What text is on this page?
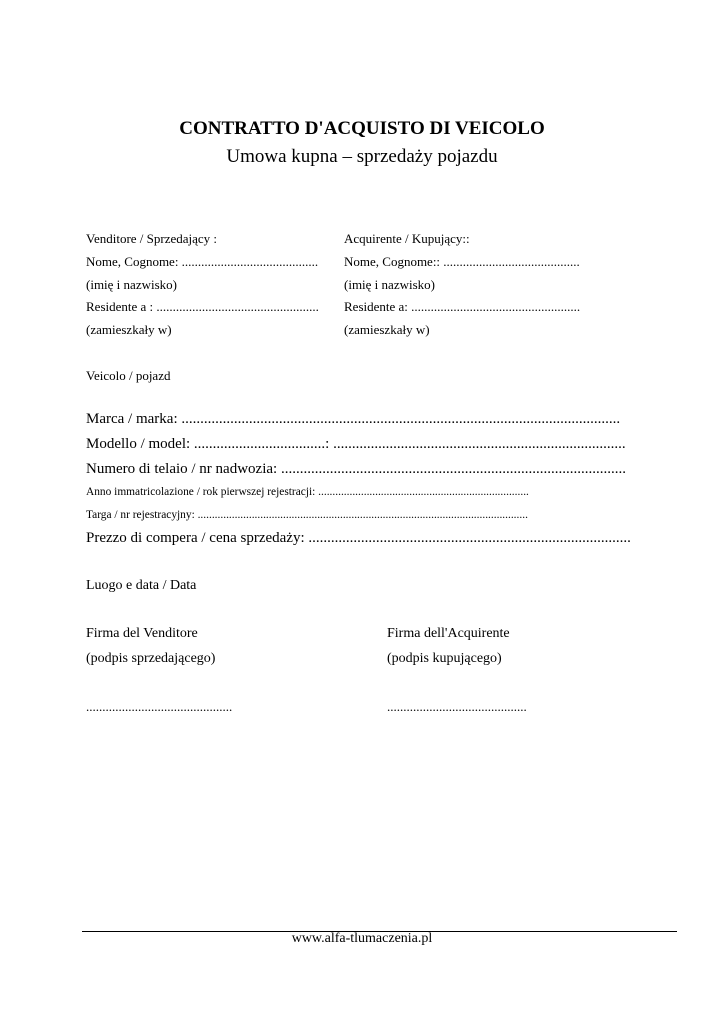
CONTRATTO D'ACQUISTO DI VEICOLO
Umowa kupna – sprzedaży pojazdu
Venditore / Sprzedający :
Nome, Cognome: ..........................................
(imię i nazwisko)
Residente a : ..................................................
(zamieszkały w)
Acquirente / Kupujący::
Nome, Cognome:: ..........................................
(imię i nazwisko)
Residente a: ....................................................
(zamieszkały w)
Veicolo / pojazd
Marca / marka: .....................................................................................................................
Modello / model: ...................................: ..............................................................................
Numero di telaio / nr nadwozia: ............................................................................................
Anno immatricolazione / rok pierwszej rejestracji: ..........................................................................
Targa / nr rejestracyjny: ....................................................................................................................
Prezzo di compera / cena sprzedaży: ......................................................................................
Luogo e data / Data
Firma del Venditore
(podpis sprzedającego)
.............................................
Firma dell'Acquirente
(podpis kupującego)
...........................................
www.alfa-tlumaczenia.pl
